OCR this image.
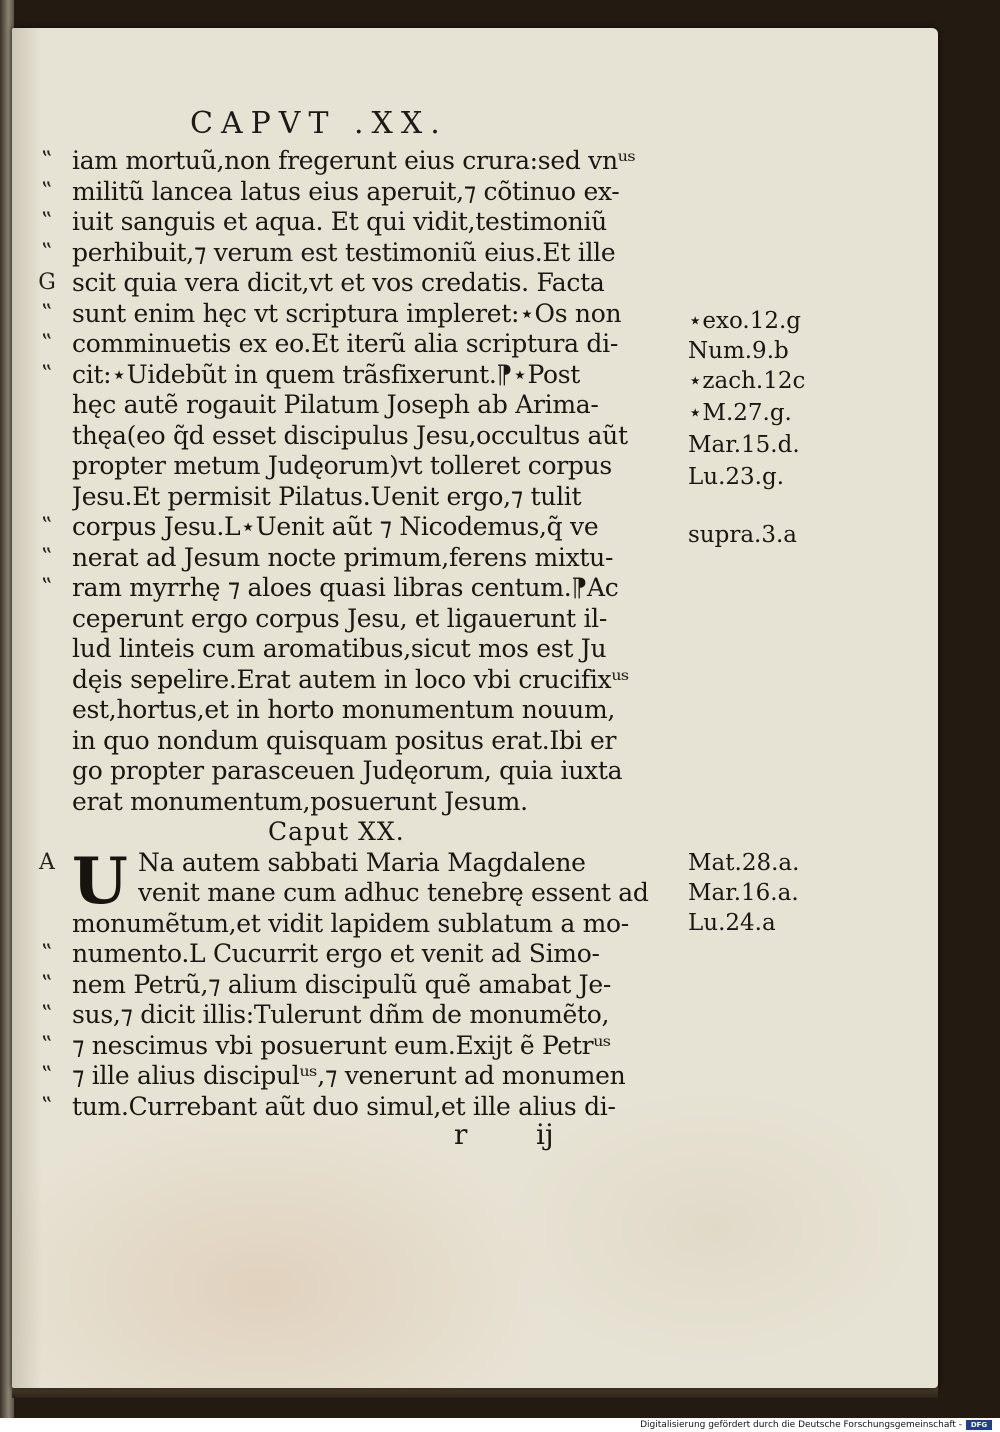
CAPVT .XX.
‟ iam mortuũ,non fregerunt eius crura:sed vnᵘˢ
‟ militũ lancea latus eius aperuit,⁊ cõtinuo ex-
‟ iuit sanguis et aqua. Et qui vidit,testimoniũ
‟ perhibuit,⁊ verum est testimoniũ eius.Et ille
G scit quia vera dicit,vt et vos credatis. Facta
‟ sunt enim hęc vt scriptura impleret:⋆Os non
‟ comminuetis ex eo.Et iterũ alia scriptura di-
‟ cit:⋆Uidebũt in quem trãsfixerunt.⁋⋆Post
hęc autẽ rogauit Pilatum Joseph ab Arima-
thęa(eo q̃d esset discipulus Jesu,occultus aũt
propter metum Judęorum)vt tolleret corpus
Jesu.Et permisit Pilatus.Uenit ergo,⁊ tulit
‟ corpus Jesu.L⋆Uenit aũt ⁊ Nicodemus,q̃ ve
‟ nerat ad Jesum nocte primum,ferens mixtu-
‟ ram myrrhę ⁊ aloes quasi libras centum.⁋Ac
ceperunt ergo corpus Jesu, et ligauerunt il-
lud linteis cum aromatibus,sicut mos est Ju
dęis sepelire.Erat autem in loco vbi crucifixᵘˢ
est,hortus,et in horto monumentum nouum,
in quo nondum quisquam positus erat.Ibi er
go propter parasceuen Judęorum, quia iuxta
erat monumentum,posuerunt Jesum.
Caput XX.
U
A	Na autem sabbati Maria Magdalene
venit mane cum adhuc tenebrę essent ad
monumẽtum,et vidit lapidem sublatum a mo-
‟ numento.L Cucurrit ergo et venit ad Simo-
‟ nem Petrũ,⁊ alium discipulũ quẽ amabat Je-
‟ sus,⁊ dicit illis:Tulerunt dñm de monumẽto,
‟ ⁊ nescimus vbi posuerunt eum.Exijt ẽ Petrᵘˢ
‟ ⁊ ille alius discipulᵘˢ,⁊ venerunt ad monumen
‟ tum.Currebant aũt duo simul,et ille alius di-
⋆exo.12.g
Num.9.b
⋆zach.12c
⋆M.27.g.
Mar.15.d.
Lu.23.g.
supra.3.a
Mat.28.a.
Mar.16.a.
Lu.24.a
r ij
Digitalisierung gefördert durch die Deutsche Forschungsgemeinschaft -	DFG
